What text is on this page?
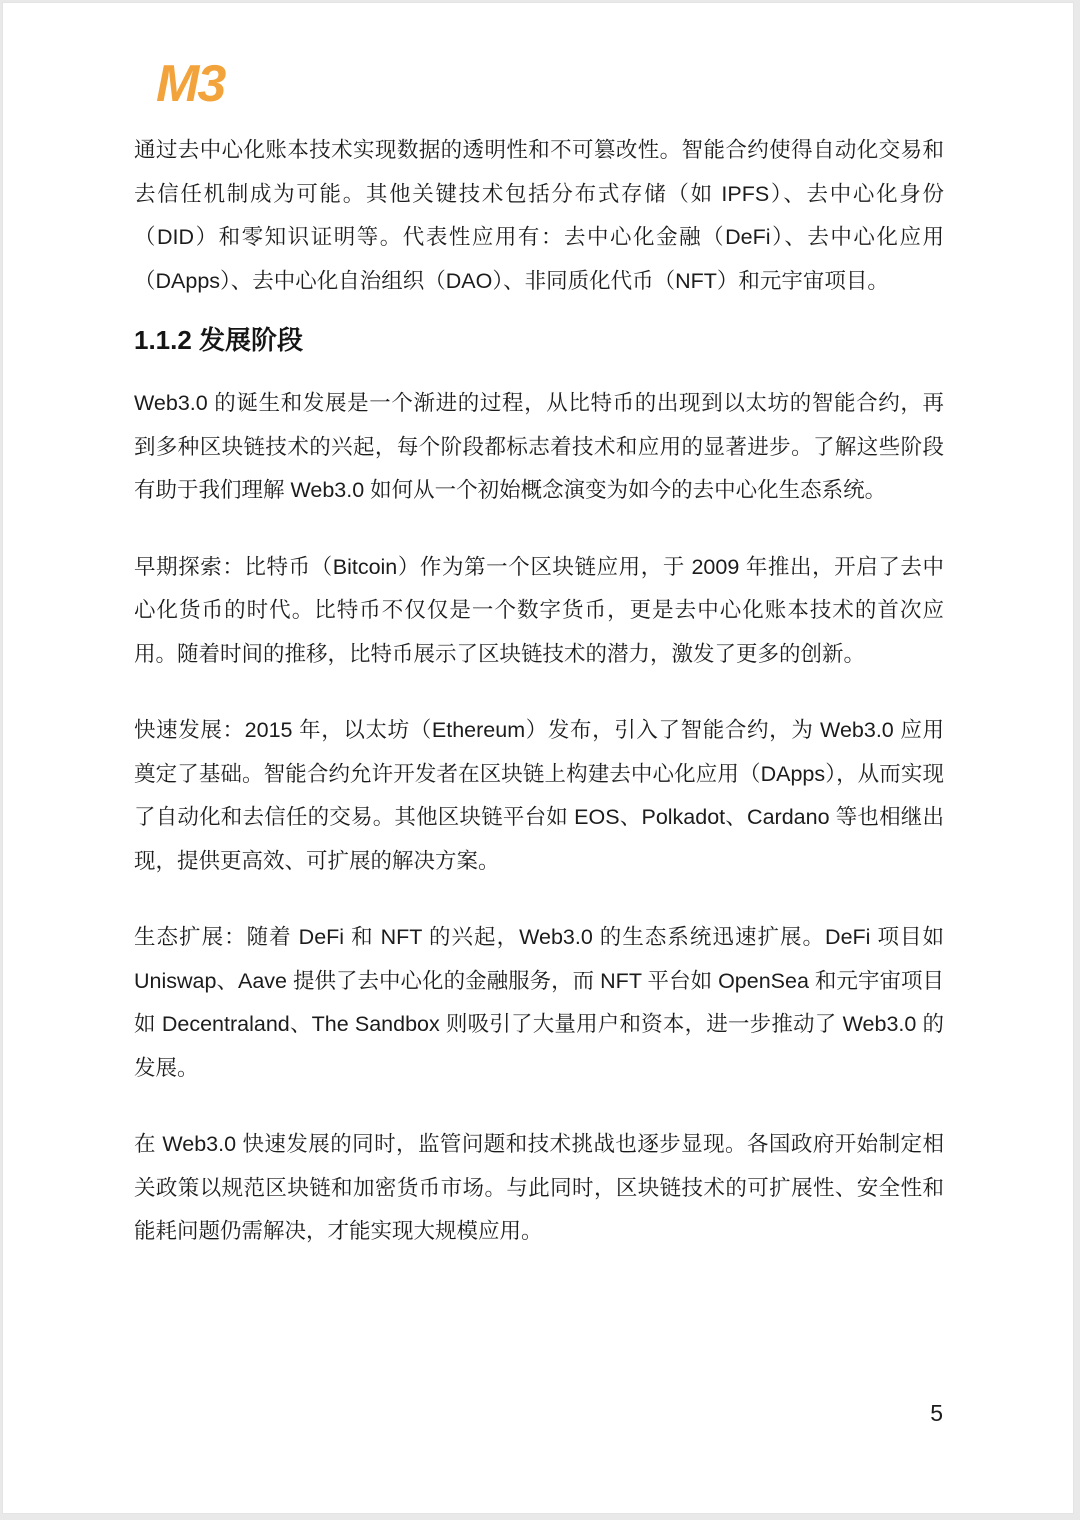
M3

通过去中心化账本技术实现数据的透明性和不可篡改性。智能合约使得自动化交易和去信任机制成为可能。其他关键技术包括分布式存储（如 IPFS）、去中心化身份（DID）和零知识证明等。代表性应用有：去中心化金融（DeFi）、去中心化应用（DApps）、去中心化自治组织（DAO）、非同质化代币（NFT）和元宇宙项目。

1.1.2 发展阶段

Web3.0 的诞生和发展是一个渐进的过程，从比特币的出现到以太坊的智能合约，再到多种区块链技术的兴起，每个阶段都标志着技术和应用的显著进步。了解这些阶段有助于我们理解 Web3.0 如何从一个初始概念演变为如今的去中心化生态系统。

早期探索：比特币（Bitcoin）作为第一个区块链应用，于 2009 年推出，开启了去中心化货币的时代。比特币不仅仅是一个数字货币，更是去中心化账本技术的首次应用。随着时间的推移，比特币展示了区块链技术的潜力，激发了更多的创新。

快速发展：2015 年，以太坊（Ethereum）发布，引入了智能合约，为 Web3.0 应用奠定了基础。智能合约允许开发者在区块链上构建去中心化应用（DApps），从而实现了自动化和去信任的交易。其他区块链平台如 EOS、Polkadot、Cardano 等也相继出现，提供更高效、可扩展的解决方案。

生态扩展：随着 DeFi 和 NFT 的兴起，Web3.0 的生态系统迅速扩展。DeFi 项目如 Uniswap、Aave 提供了去中心化的金融服务，而 NFT 平台如 OpenSea 和元宇宙项目如 Decentraland、The Sandbox 则吸引了大量用户和资本，进一步推动了 Web3.0 的发展。

在 Web3.0 快速发展的同时，监管问题和技术挑战也逐步显现。各国政府开始制定相关政策以规范区块链和加密货币市场。与此同时，区块链技术的可扩展性、安全性和能耗问题仍需解决，才能实现大规模应用。

5
